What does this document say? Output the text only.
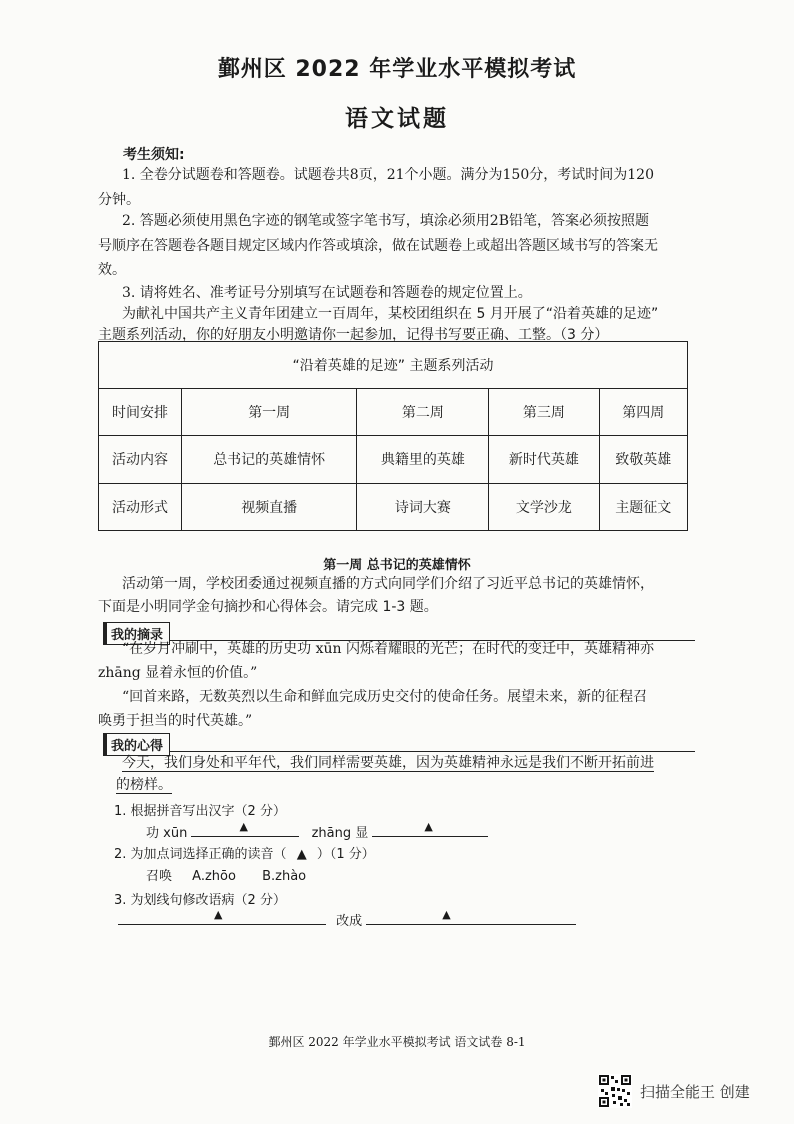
鄞州区 2022 年学业水平模拟考试
语文试题
考生须知:
1. 全卷分试题卷和答题卷。试题卷共8页，21个小题。满分为150分，考试时间为120
分钟。
2. 答题必须使用黑色字迹的钢笔或签字笔书写，填涂必须用2B铅笔，答案必须按照题
号顺序在答题卷各题目规定区域内作答或填涂，做在试题卷上或超出答题区域书写的答案无
效。
3. 请将姓名、准考证号分别填写在试题卷和答题卷的规定位置上。
为献礼中国共产主义青年团建立一百周年，某校团组织在 5 月开展了“沿着英雄的足迹”
主题系列活动，你的好朋友小明邀请你一起参加，记得书写要正确、工整。（3 分）
“沿着英雄的足迹” 主题系列活动				
时间安排	第一周	第二周	第三周	第四周
活动内容	总书记的英雄情怀	典籍里的英雄	新时代英雄	致敬英雄
活动形式	视频直播	诗词大赛	文学沙龙	主题征文
第一周 总书记的英雄情怀
活动第一周，学校团委通过视频直播的方式向同学们介绍了习近平总书记的英雄情怀，
下面是小明同学金句摘抄和心得体会。请完成 1-3 题。
我的摘录
“在岁月冲刷中，英雄的历史功 xūn 闪烁着耀眼的光芒；在时代的变迁中，英雄精神亦
zhāng 显着永恒的价值。”
“回首来路，无数英烈以生命和鲜血完成历史交付的使命任务。展望未来，新的征程召
唤勇于担当的时代英雄。”
我的心得
今天，我们身处和平年代，我们同样需要英雄，因为英雄精神永远是我们不断开拓前进
的榜样。
1. 根据拼音写出汉字（2 分）
功 xūn	▲	zhāng 显	▲
2. 为加点词选择正确的读音（ ▲ ）（1 分）
召唤 A.zhōo B.zhào
3. 为划线句修改语病（2 分）
▲	改成	▲
鄞州区 2022 年学业水平模拟考试 语文试卷 8-1
扫描全能王 创建
